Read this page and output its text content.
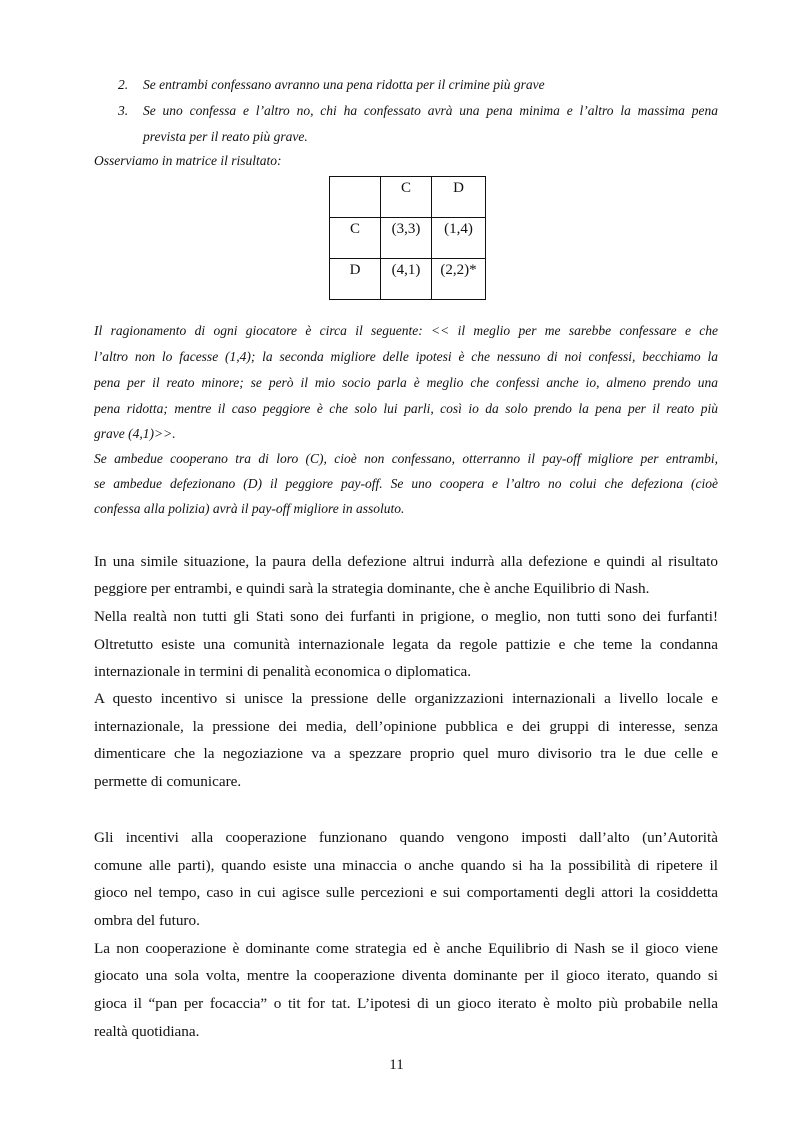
2.	Se entrambi confessano avranno una pena ridotta per il crimine più grave
3.	Se uno confessa e l’altro no, chi ha confessato avrà una pena minima e l’altro la massima pena
prevista per il reato più grave.
Osserviamo in matrice il risultato:
	C	D
C	(3,3)	(1,4)
D	(4,1)	(2,2)*
Il ragionamento di ogni giocatore è circa il seguente: << il meglio per me sarebbe confessare e che
l’altro non lo facesse (1,4); la seconda migliore delle ipotesi è che nessuno di noi confessi, becchiamo la
pena per il reato minore; se però il mio socio parla è meglio che confessi anche io, almeno prendo una
pena ridotta; mentre il caso peggiore è che solo lui parli, così io da solo prendo la pena per il reato più
grave (4,1)>>.
Se ambedue cooperano tra di loro (C), cioè non confessano, otterranno il pay-off migliore per entrambi,
se ambedue defezionano (D) il peggiore pay-off. Se uno coopera e l’altro no colui che defeziona (cioè
confessa alla polizia) avrà il pay-off migliore in assoluto.
In una simile situazione, la paura della defezione altrui indurrà alla defezione e quindi al risultato
peggiore per entrambi, e quindi sarà la strategia dominante, che è anche Equilibrio di Nash.
Nella realtà non tutti gli Stati sono dei furfanti in prigione, o meglio, non tutti sono dei furfanti!
Oltretutto esiste una comunità internazionale legata da regole pattizie e che teme la condanna
internazionale in termini di penalità economica o diplomatica.
A questo incentivo si unisce la pressione delle organizzazioni internazionali a livello locale e
internazionale, la pressione dei media, dell’opinione pubblica e dei gruppi di interesse, senza
dimenticare che la negoziazione va a spezzare proprio quel muro divisorio tra le due celle e
permette di comunicare.
Gli incentivi alla cooperazione funzionano quando vengono imposti dall’alto (un’Autorità
comune alle parti), quando esiste una minaccia o anche quando si ha la possibilità di ripetere il
gioco nel tempo, caso in cui agisce sulle percezioni e sui comportamenti degli attori la cosiddetta
ombra del futuro.
La non cooperazione è dominante come strategia ed è anche Equilibrio di Nash se il gioco viene
giocato una sola volta, mentre la cooperazione diventa dominante per il gioco iterato, quando si
gioca il “pan per focaccia” o tit for tat. L’ipotesi di un gioco iterato è molto più probabile nella
realtà quotidiana.
11
